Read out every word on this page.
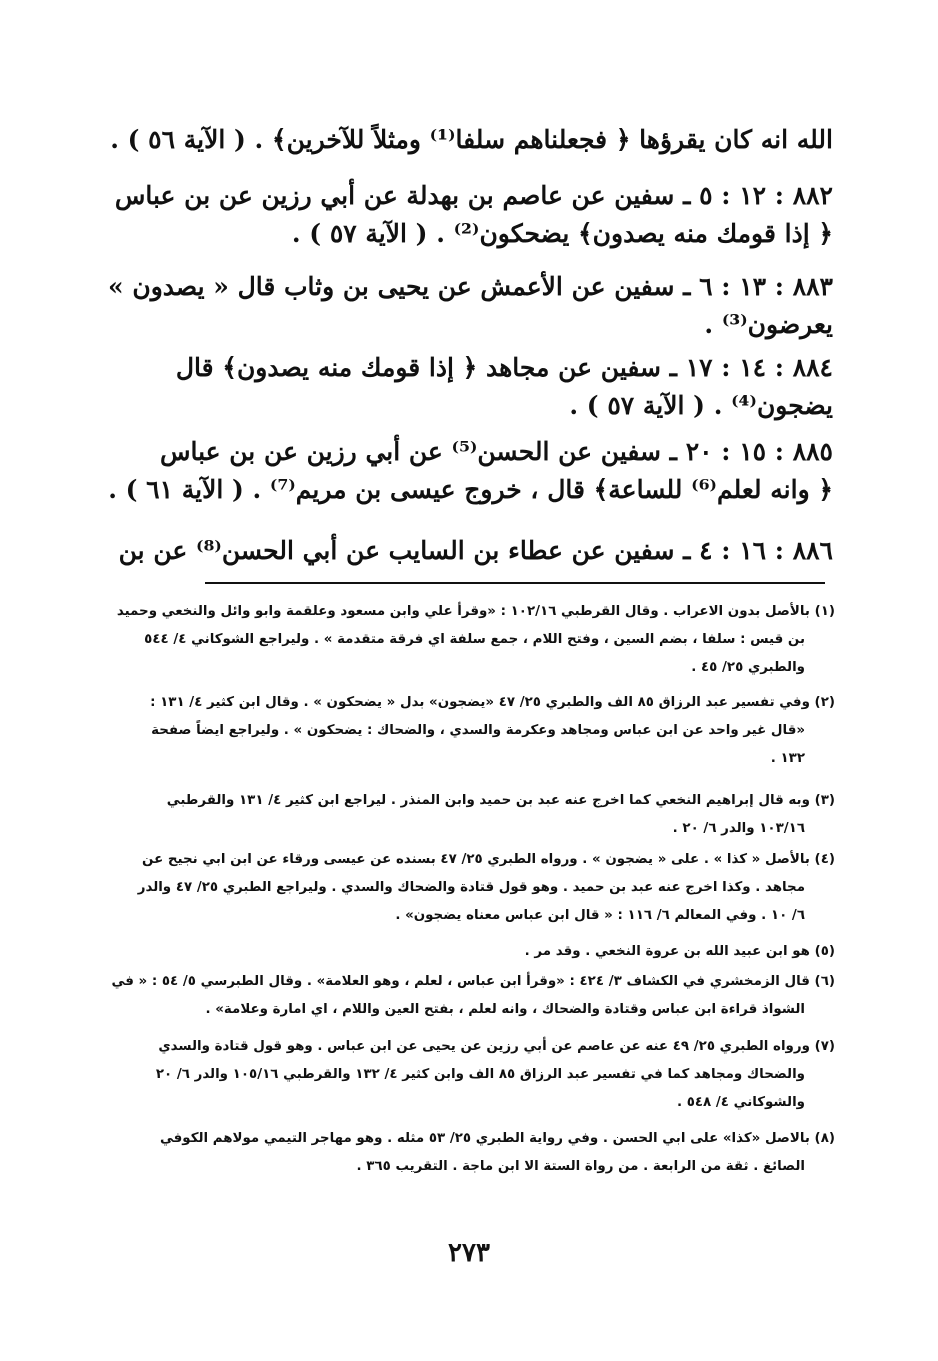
الله انه كان يقرؤها ﴿ فجعلناهم سلفا⁽¹⁾ ومثلاً للآخرين﴾ . ( الآية ٥٦ ) .
٨٨٢ : ١٢ : ٥ ـ سفين عن عاصم بن بهدلة عن أبي رزين عن بن عباس
﴿ إذا قومك منه يصدون﴾ يضحكون⁽²⁾ . ( الآية ٥٧ ) .
٨٨٣ : ١٣ : ٦ ـ سفين عن الأعمش عن يحيى بن وثاب قال « يصدون »
يعرضون⁽³⁾ .
٨٨٤ : ١٤ : ١٧ ـ سفين عن مجاهد ﴿ إذا قومك منه يصدون﴾ قال
يضجون⁽⁴⁾ . ( الآية ٥٧ ) .
٨٨٥ : ١٥ : ٢٠ ـ سفين عن الحسن⁽⁵⁾ عن أبي رزين عن بن عباس
﴿ وانه لعلم⁽⁶⁾ للساعة﴾ قال ، خروج عيسى بن مريم⁽⁷⁾ . ( الآية ٦١ ) .
٨٨٦ : ١٦ : ٤ ـ سفين عن عطاء بن السايب عن أبي الحسن⁽⁸⁾ عن بن
(١) بالأصل بدون الاعراب . وقال القرطبي ١٠٢/١٦ : «وقرأ علي وابن مسعود وعلقمة وابو وائل والنخعي وحميد
بن قيس : سلفا ، بضم السين ، وفتح اللام ، جمع سلفة اي فرقة متقدمة » . وليراجع الشوكاني ٤/ ٥٤٤
والطبري ٢٥/ ٤٥ .
(٢) وفي تفسير عبد الرزاق ٨٥ الف والطبري ٢٥/ ٤٧ «يضجون» بدل « يضحكون » . وقال ابن كثير ٤/ ١٣١ :
«قال غير واحد عن ابن عباس ومجاهد وعكرمة والسدي ، والضحاك : يضحكون » . وليراجع ايضاً صفحة
١٣٢ .
(٣) وبه قال إبراهيم النخعي كما اخرج عنه عبد بن حميد وابن المنذر . ليراجع ابن كثير ٤/ ١٣١ والقرطبي
١٠٣/١٦ والدر ٦/ ٢٠ .
(٤) بالأصل « كذا » . على « يضجون » . ورواه الطبري ٢٥/ ٤٧ بسنده عن عيسى ورقاء عن ابن ابي نجيح عن
مجاهد . وكذا اخرج عنه عبد بن حميد . وهو قول قتادة والضحاك والسدي . وليراجع الطبري ٢٥/ ٤٧ والدر
٦/ ١٠ . وفي المعالم ٦/ ١١٦ : « قال ابن عباس معناه يضجون» .
(٥) هو ابن عبيد الله بن عروة النخعي . وقد مر .
(٦) قال الزمخشري في الكشاف ٣/ ٤٢٤ : «وقرأ ابن عباس ، لعلم ، وهو العلامة» . وقال الطبرسي ٥/ ٥٤ : « في
الشواذ قراءة ابن عباس وقتادة والضحاك ، وانه لعلم ، بفتح العين واللام ، اي امارة وعلامة» .
(٧) ورواه الطبري ٢٥/ ٤٩ عنه عن عاصم عن أبي رزين عن يحيى عن ابن عباس . وهو قول قتادة والسدي
والضحاك ومجاهد كما في تفسير عبد الرزاق ٨٥ الف وابن كثير ٤/ ١٣٢ والقرطبي ١٠٥/١٦ والدر ٦/ ٢٠
والشوكاني ٤/ ٥٤٨ .
(٨) بالاصل «كذا» على ابي الحسن . وفي رواية الطبري ٢٥/ ٥٣ مثله . وهو مهاجر التيمي مولاهم الكوفي
الصائغ . ثقة من الرابعة . من رواة الستة الا ابن ماجة . التقريب ٣٦٥ .
٢٧٣
